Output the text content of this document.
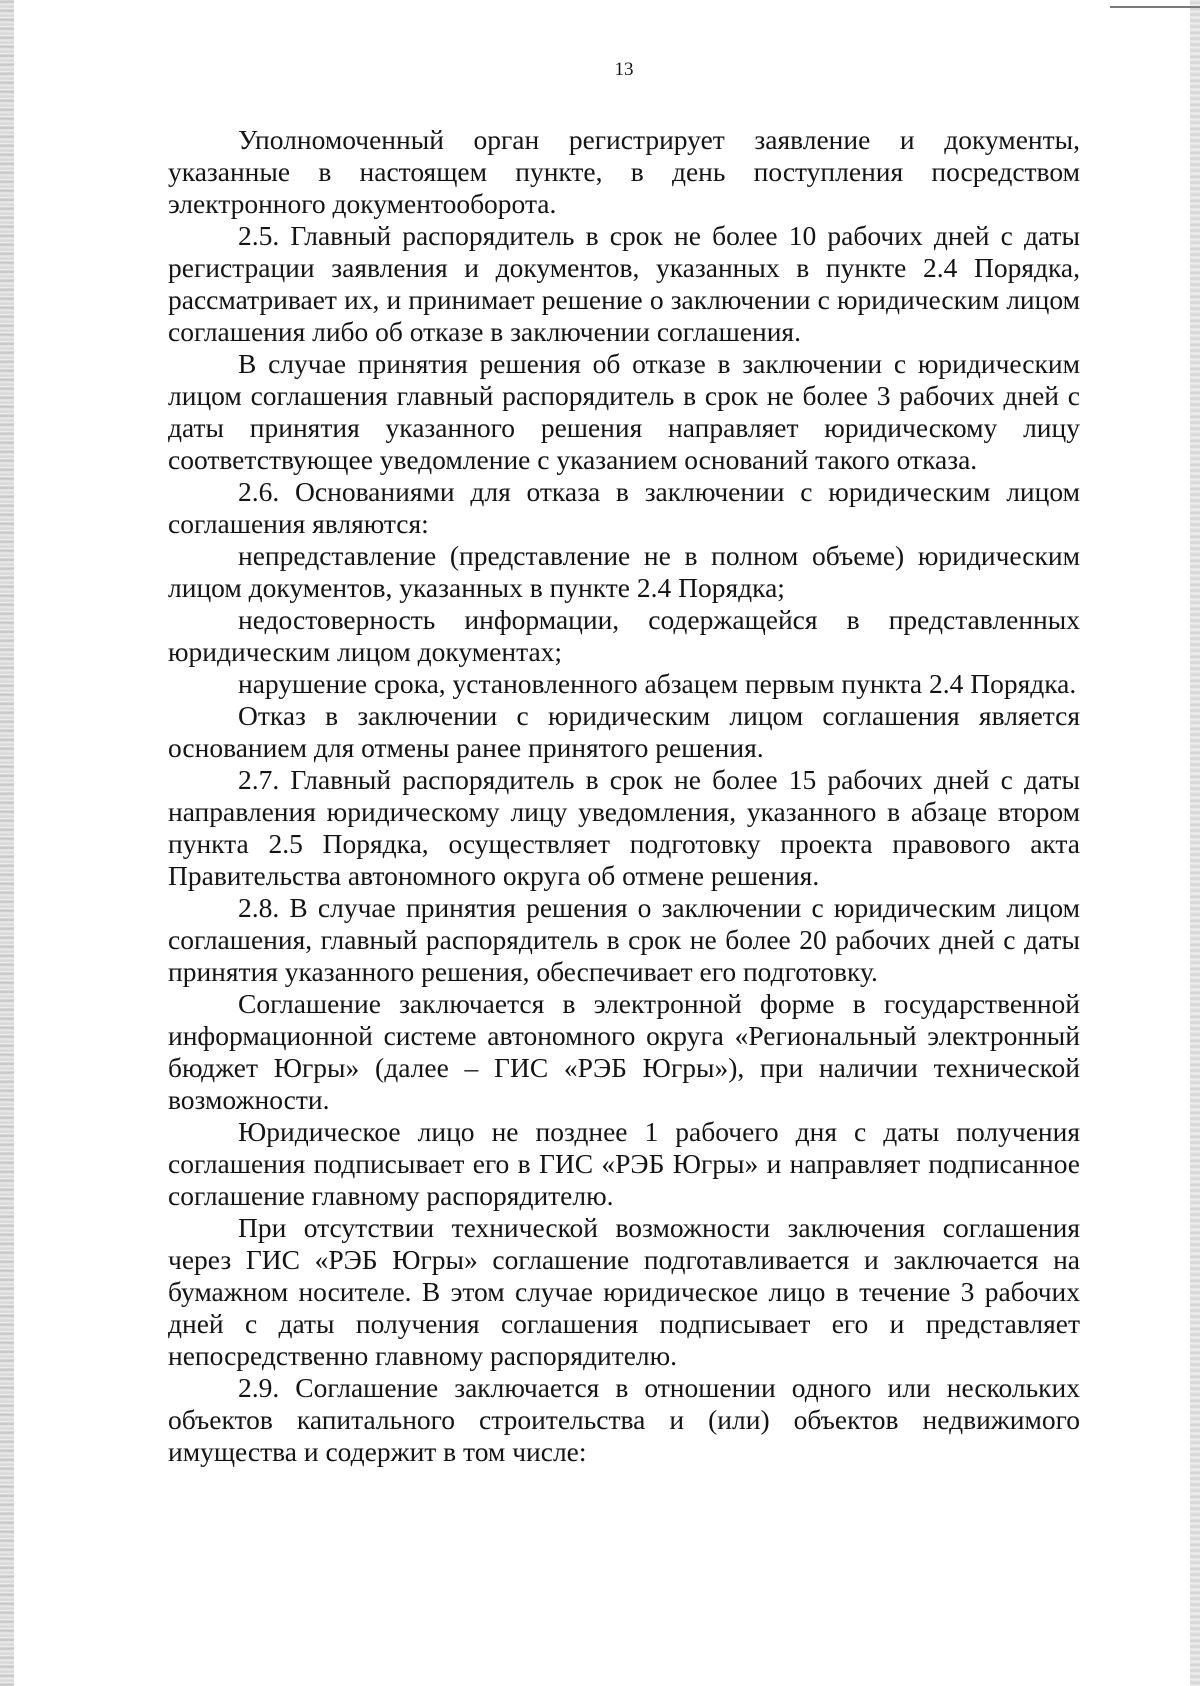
13

Уполномоченный орган регистрирует заявление и документы, указанные в настоящем пункте, в день поступления посредством электронного документооборота.

2.5. Главный распорядитель в срок не более 10 рабочих дней с даты регистрации заявления и документов, указанных в пункте 2.4 Порядка, рассматривает их, и принимает решение о заключении с юридическим лицом соглашения либо об отказе в заключении соглашения.

В случае принятия решения об отказе в заключении с юридическим лицом соглашения главный распорядитель в срок не более 3 рабочих дней с даты принятия указанного решения направляет юридическому лицу соответствующее уведомление с указанием оснований такого отказа.

2.6. Основаниями для отказа в заключении с юридическим лицом соглашения являются:

непредставление (представление не в полном объеме) юридическим лицом документов, указанных в пункте 2.4 Порядка;

недостоверность информации, содержащейся в представленных юридическим лицом документах;

нарушение срока, установленного абзацем первым пункта 2.4 Порядка.

Отказ в заключении с юридическим лицом соглашения является основанием для отмены ранее принятого решения.

2.7. Главный распорядитель в срок не более 15 рабочих дней с даты направления юридическому лицу уведомления, указанного в абзаце втором пункта 2.5 Порядка, осуществляет подготовку проекта правового акта Правительства автономного округа об отмене решения.

2.8. В случае принятия решения о заключении с юридическим лицом соглашения, главный распорядитель в срок не более 20 рабочих дней с даты принятия указанного решения, обеспечивает его подготовку.

Соглашение заключается в электронной форме в государственной информационной системе автономного округа «Региональный электронный бюджет Югры» (далее – ГИС «РЭБ Югры»), при наличии технической возможности.

Юридическое лицо не позднее 1 рабочего дня с даты получения соглашения подписывает его в ГИС «РЭБ Югры» и направляет подписанное соглашение главному распорядителю.

При отсутствии технической возможности заключения соглашения через ГИС «РЭБ Югры» соглашение подготавливается и заключается на бумажном носителе. В этом случае юридическое лицо в течение 3 рабочих дней с даты получения соглашения подписывает его и представляет непосредственно главному распорядителю.

2.9. Соглашение заключается в отношении одного или нескольких объектов капитального строительства и (или) объектов недвижимого имущества и содержит в том числе:
